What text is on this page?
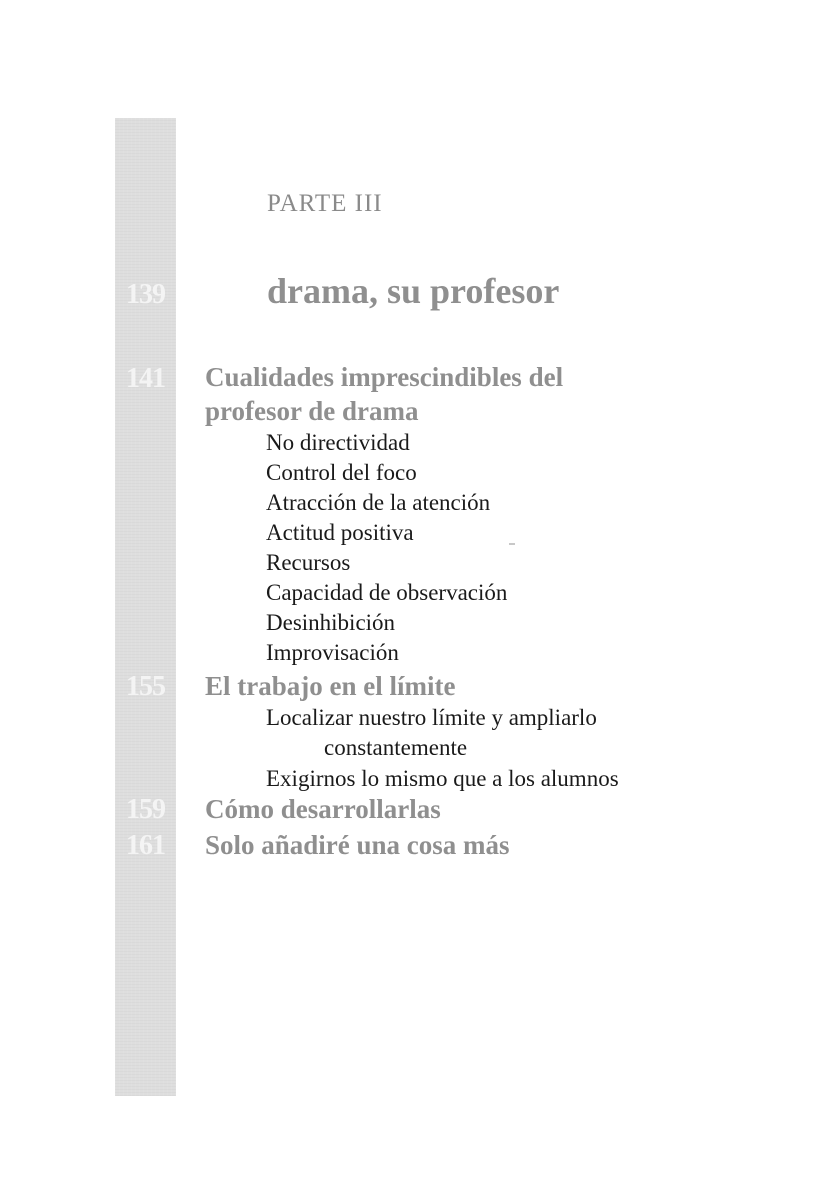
139
141
155
159
161
PARTE III
drama, su profesor
Cualidades imprescindibles del
profesor de drama
No directividad
Control del foco
Atracción de la atención
Actitud positiva
Recursos
Capacidad de observación
Desinhibición
Improvisación
El trabajo en el límite
Localizar nuestro límite y ampliarlo
constantemente
Exigirnos lo mismo que a los alumnos
Cómo desarrollarlas
Solo añadiré una cosa más
